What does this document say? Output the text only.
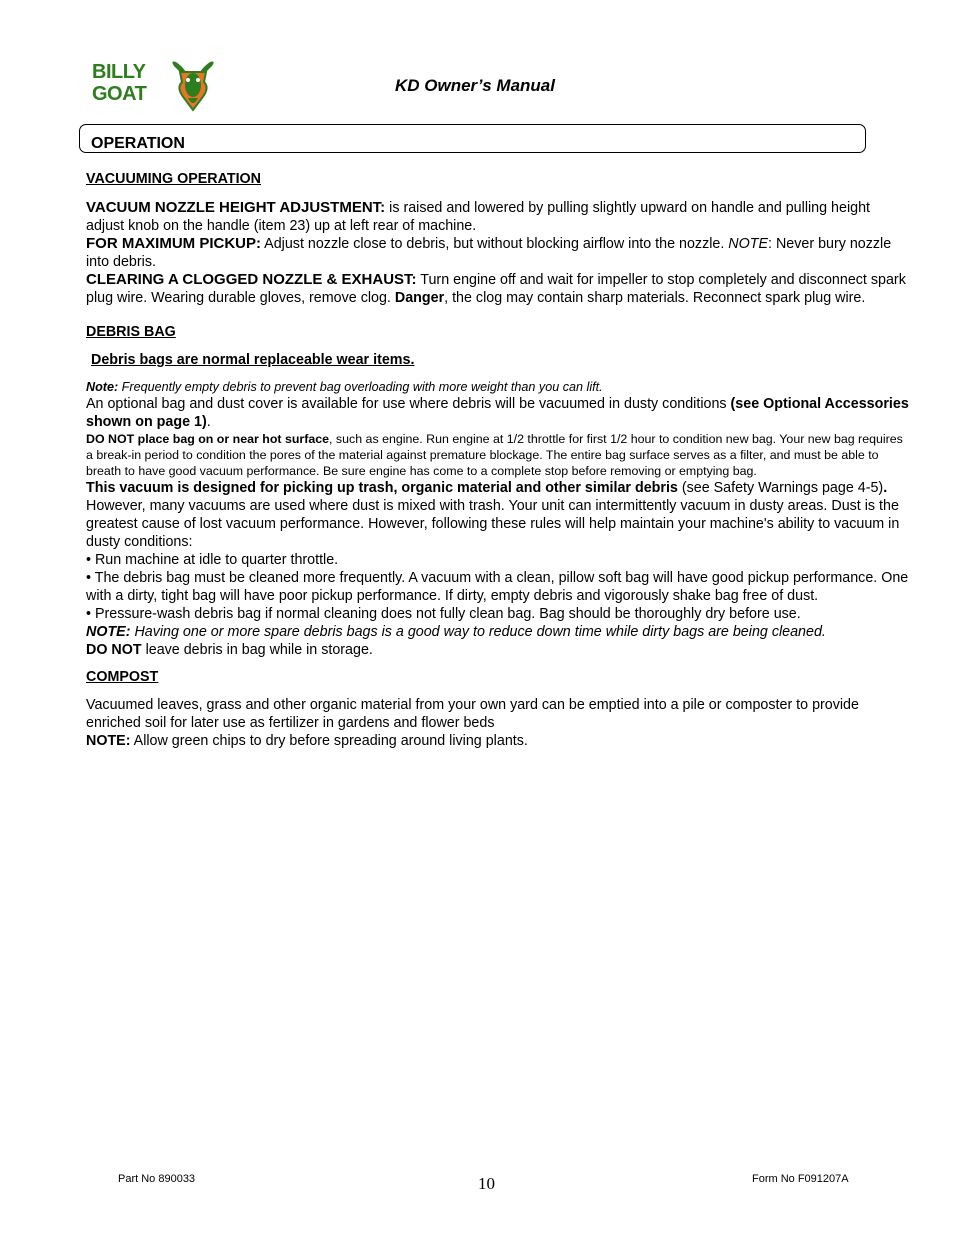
BILLY
GOAT	KD Owner’s Manual
OPERATION

VACUUMING OPERATION

VACUUM NOZZLE HEIGHT ADJUSTMENT: is raised and lowered by pulling slightly upward on handle and pulling height adjust knob on the handle (item 23) up at left rear of machine.

FOR MAXIMUM PICKUP: Adjust nozzle close to debris, but without blocking airflow into the nozzle. NOTE: Never bury nozzle into debris.

CLEARING A CLOGGED NOZZLE & EXHAUST: Turn engine off and wait for impeller to stop completely and disconnect spark plug wire. Wearing durable gloves, remove clog. Danger, the clog may contain sharp materials. Reconnect spark plug wire.

DEBRIS BAG

Debris bags are normal replaceable wear items.

Note: Frequently empty debris to prevent bag overloading with more weight than you can lift.

An optional bag and dust cover is available for use where debris will be vacuumed in dusty conditions (see Optional Accessories shown on page 1).

DO NOT place bag on or near hot surface, such as engine. Run engine at 1/2 throttle for first 1/2 hour to condition new bag. Your new bag requires a break-in period to condition the pores of the material against premature blockage. The entire bag surface serves as a filter, and must be able to breath to have good vacuum performance. Be sure engine has come to a complete stop before removing or emptying bag.

This vacuum is designed for picking up trash, organic material and other similar debris (see Safety Warnings page 4-5).

However, many vacuums are used where dust is mixed with trash. Your unit can intermittently vacuum in dusty areas. Dust is the greatest cause of lost vacuum performance. However, following these rules will help maintain your machine's ability to vacuum in dusty conditions:

• Run machine at idle to quarter throttle.

• The debris bag must be cleaned more frequently. A vacuum with a clean, pillow soft bag will have good pickup performance. One with a dirty, tight bag will have poor pickup performance. If dirty, empty debris and vigorously shake bag free of dust.

• Pressure-wash debris bag if normal cleaning does not fully clean bag. Bag should be thoroughly dry before use.

NOTE: Having one or more spare debris bags is a good way to reduce down time while dirty bags are being cleaned.

DO NOT leave debris in bag while in storage.

COMPOST

Vacuumed leaves, grass and other organic material from your own yard can be emptied into a pile or composter to provide enriched soil for later use as fertilizer in gardens and flower beds

NOTE: Allow green chips to dry before spreading around living plants.

Part No 890033	10	Form No F091207A
